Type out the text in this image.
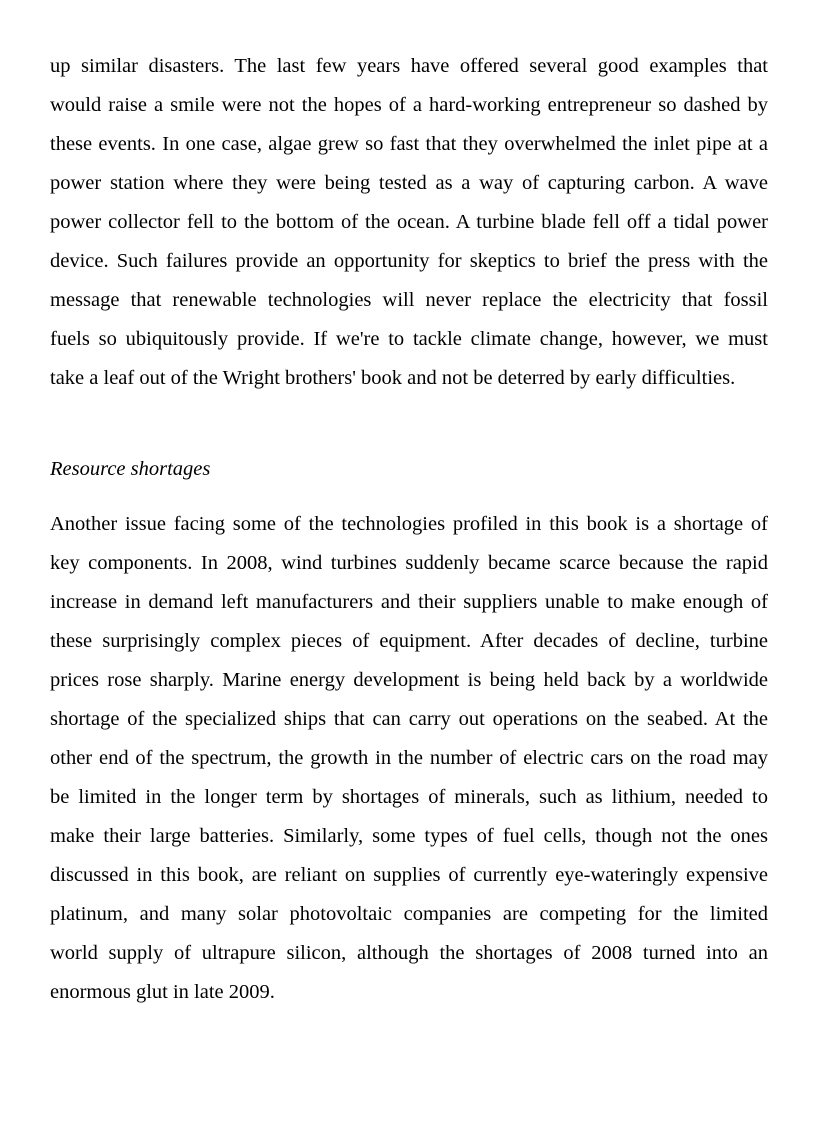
up similar disasters. The last few years have offered several good examples that
would raise a smile were not the hopes of a hard-working entrepreneur so dashed by
these events. In one case, algae grew so fast that they overwhelmed the inlet pipe at a
power station where they were being tested as a way of capturing carbon. A wave
power collector fell to the bottom of the ocean. A turbine blade fell off a tidal power
device. Such failures provide an opportunity for skeptics to brief the press with the
message that renewable technologies will never replace the electricity that fossil
fuels so ubiquitously provide. If we're to tackle climate change, however, we must
take a leaf out of the Wright brothers' book and not be deterred by early difficulties.
Resource shortages
Another issue facing some of the technologies profiled in this book is a shortage of
key components. In 2008, wind turbines suddenly became scarce because the rapid
increase in demand left manufacturers and their suppliers unable to make enough of
these surprisingly complex pieces of equipment. After decades of decline, turbine
prices rose sharply. Marine energy development is being held back by a worldwide
shortage of the specialized ships that can carry out operations on the seabed. At the
other end of the spectrum, the growth in the number of electric cars on the road may
be limited in the longer term by shortages of minerals, such as lithium, needed to
make their large batteries. Similarly, some types of fuel cells, though not the ones
discussed in this book, are reliant on supplies of currently eye-wateringly expensive
platinum, and many solar photovoltaic companies are competing for the limited
world supply of ultrapure silicon, although the shortages of 2008 turned into an
enormous glut in late 2009.
